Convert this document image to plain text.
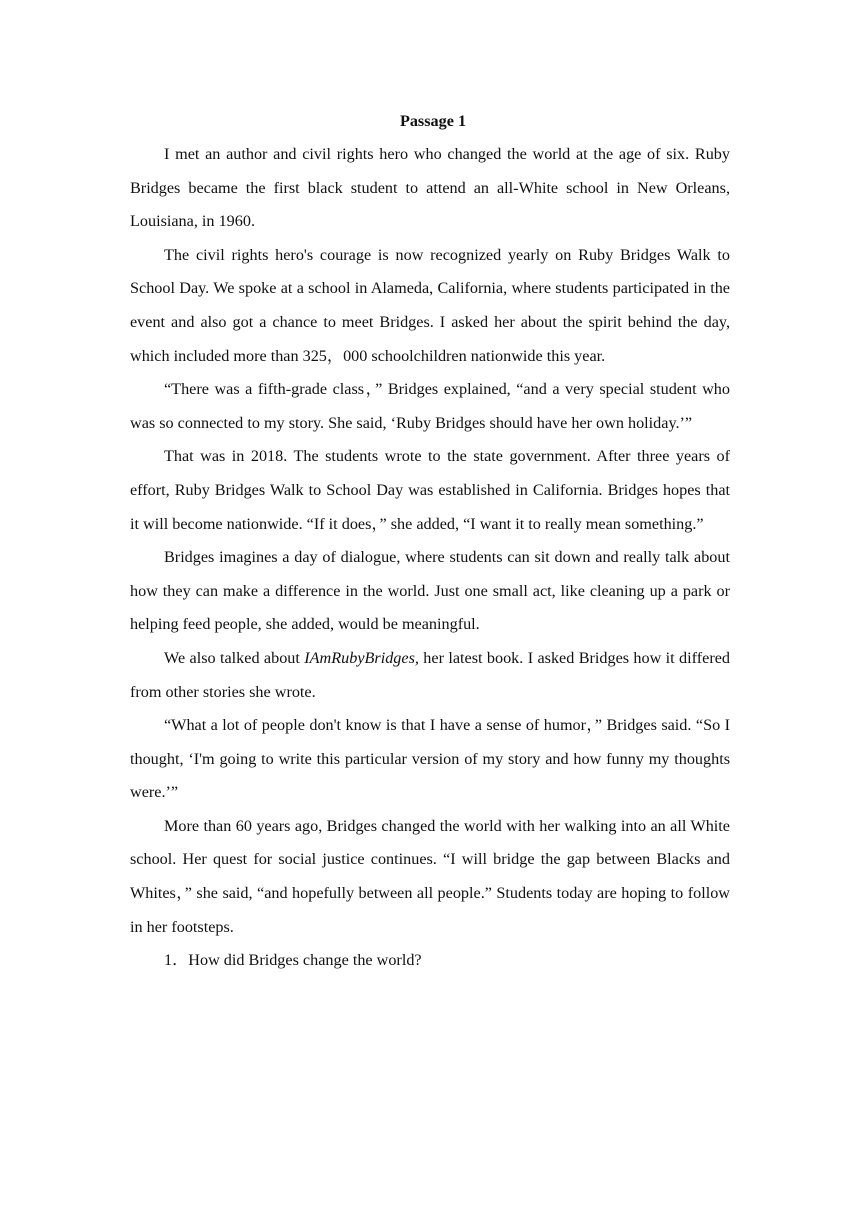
Passage 1

I met an author and civil rights hero who changed the world at the age of six. Ruby Bridges became the first black student to attend an all-White school in New Orleans, Louisiana, in 1960.

The civil rights hero's courage is now recognized yearly on Ruby Bridges Walk to School Day. We spoke at a school in Alameda, California, where students participated in the event and also got a chance to meet Bridges. I asked her about the spirit behind the day, which included more than 325，000 schoolchildren nationwide this year.

“There was a fifth-grade class，” Bridges explained, “and a very special student who was so connected to my story. She said, ‘Ruby Bridges should have her own holiday.’”

That was in 2018. The students wrote to the state government. After three years of effort, Ruby Bridges Walk to School Day was established in California. Bridges hopes that it will become nationwide. “If it does，” she added, “I want it to really mean something.”

Bridges imagines a day of dialogue, where students can sit down and really talk about how they can make a difference in the world. Just one small act, like cleaning up a park or helping feed people, she added, would be meaningful.

We also talked about IAmRubyBridges, her latest book. I asked Bridges how it differed from other stories she wrote.

“What a lot of people don't know is that I have a sense of humor，” Bridges said. “So I thought, ‘I'm going to write this particular version of my story and how funny my thoughts were.’”

More than 60 years ago, Bridges changed the world with her walking into an all White school. Her quest for social justice continues. “I will bridge the gap between Blacks and Whites，” she said, “and hopefully between all people.” Students today are hoping to follow in her footsteps.

1．How did Bridges change the world?
